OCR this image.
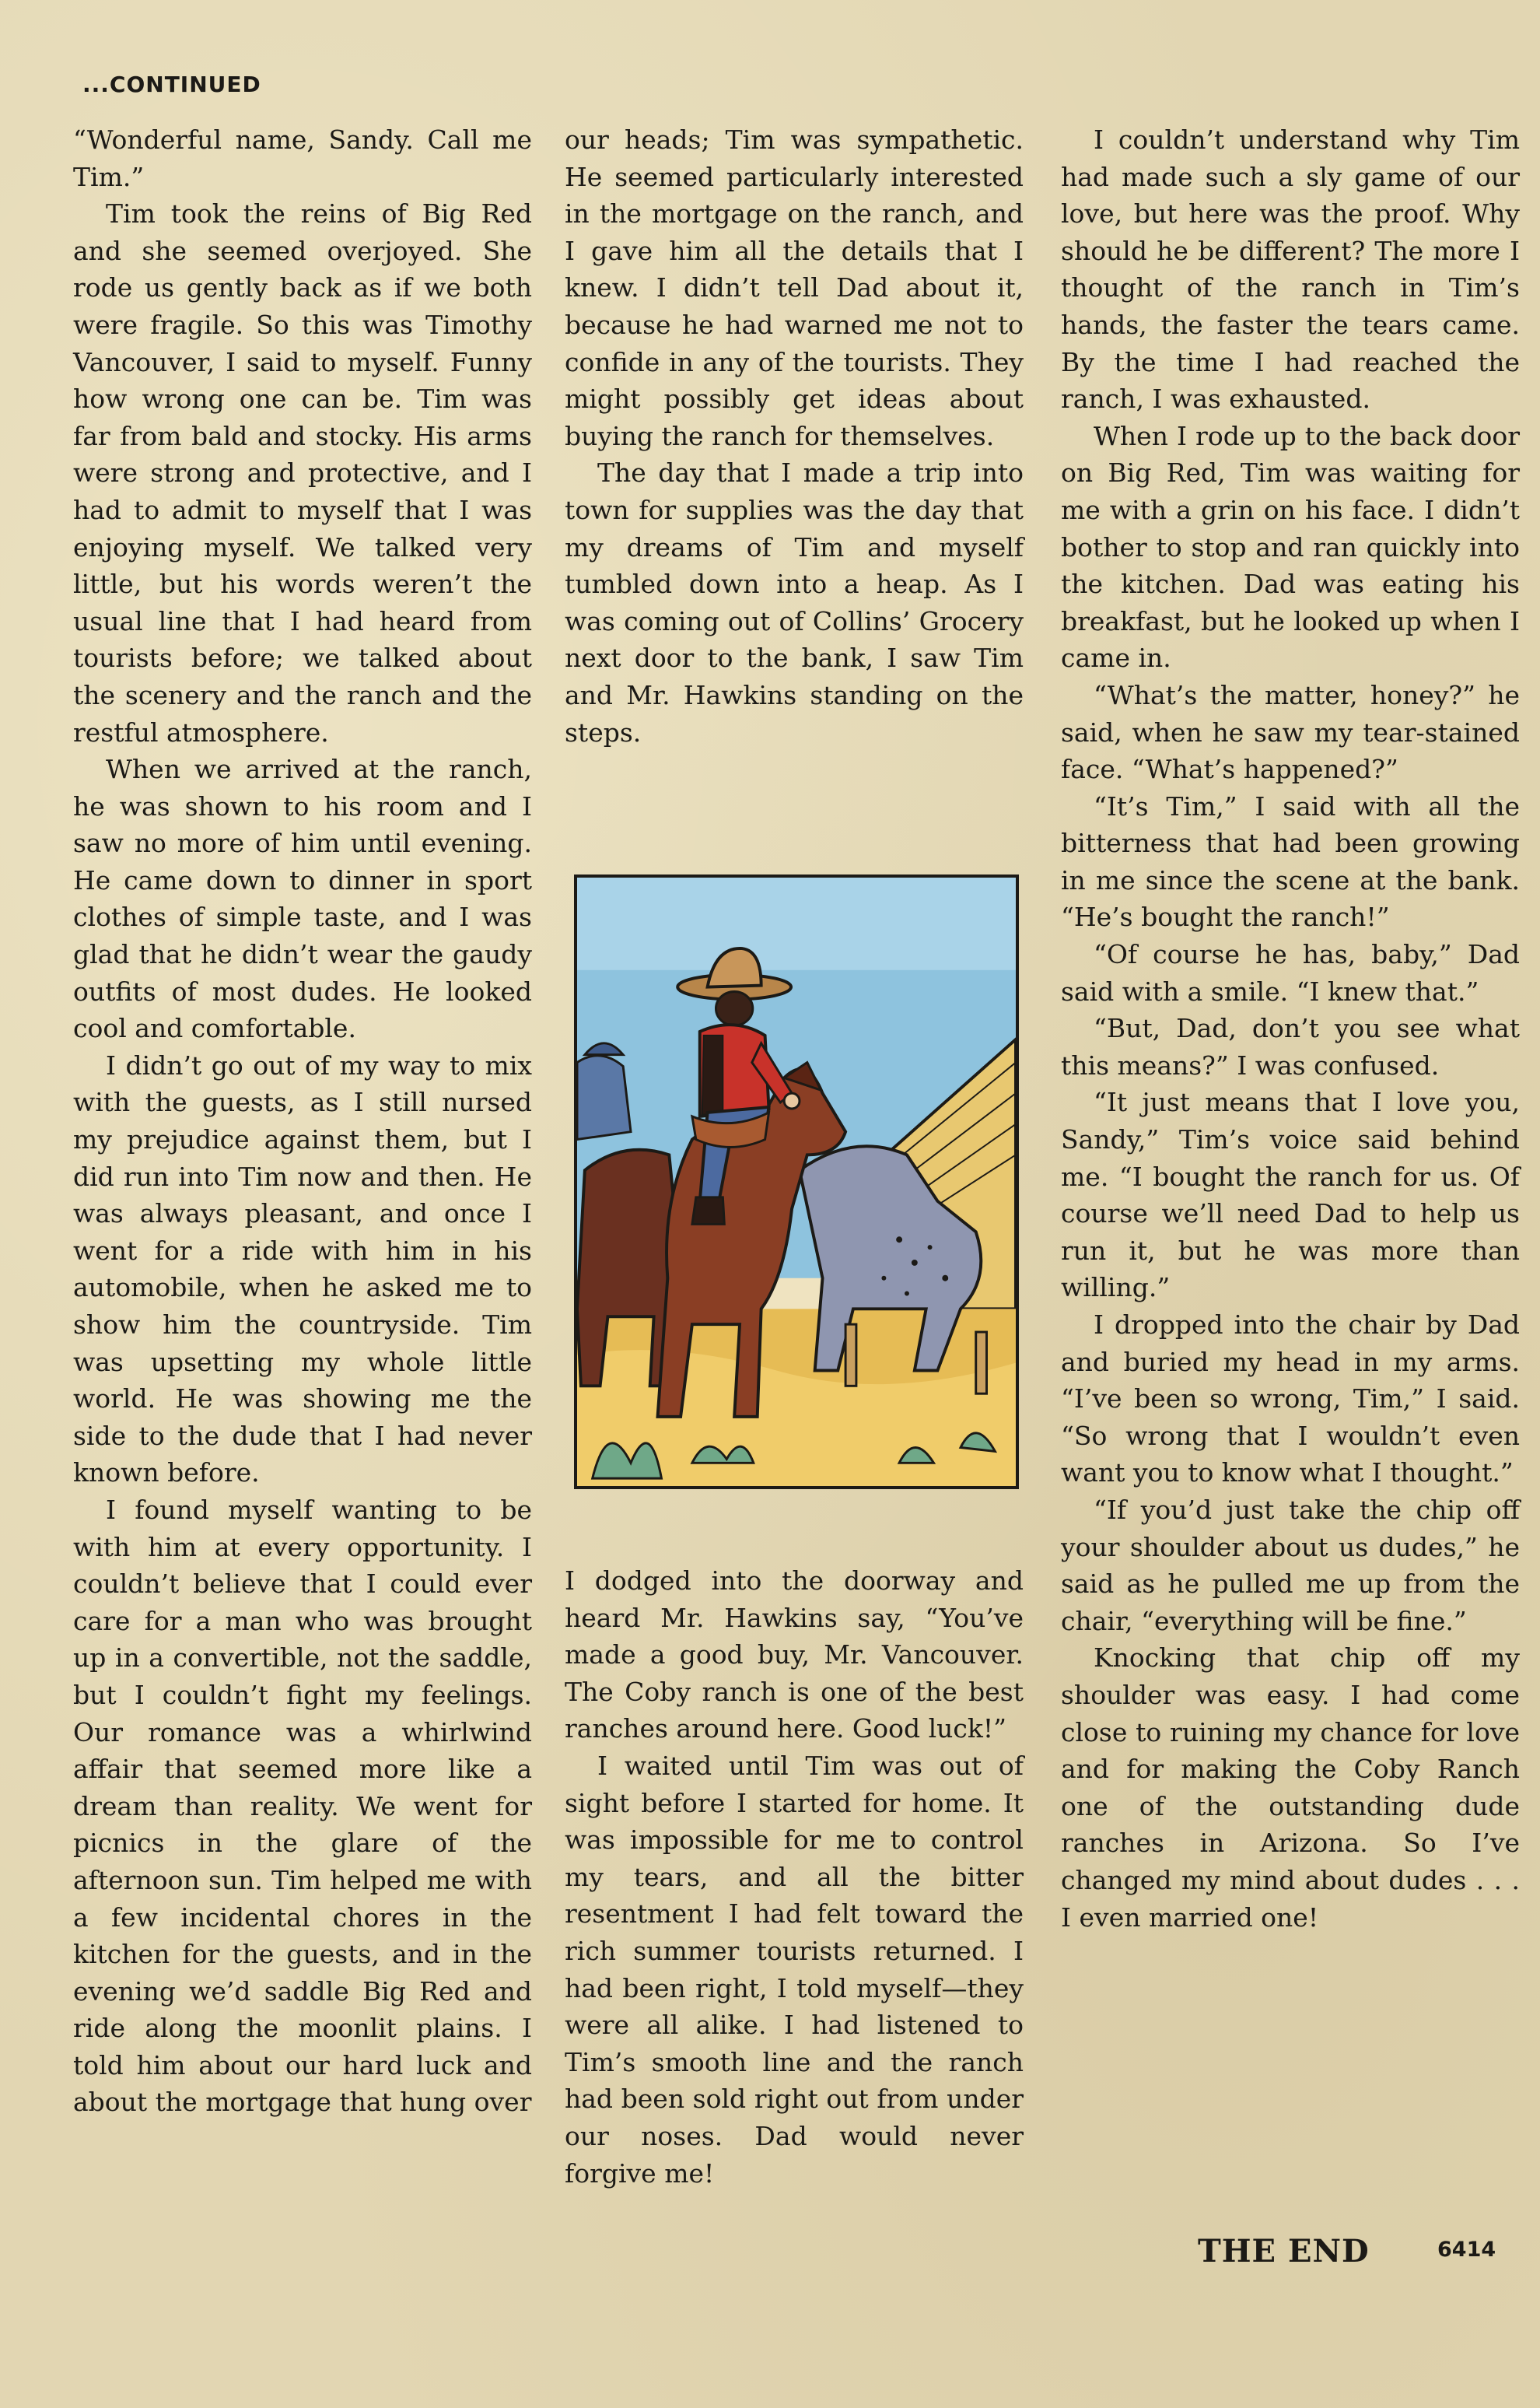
...CONTINUED

“Wonderful name, Sandy. Call me Tim.”

Tim took the reins of Big Red and she seemed overjoyed. She rode us gently back as if we both were fragile. So this was Timothy Vancouver, I said to myself. Funny how wrong one can be. Tim was far from bald and stocky. His arms were strong and protective, and I had to admit to myself that I was enjoying myself. We talked very little, but his words weren’t the usual line that I had heard from tourists before; we talked about the scenery and the ranch and the restful atmosphere.

When we arrived at the ranch, he was shown to his room and I saw no more of him until evening. He came down to dinner in sport clothes of simple taste, and I was glad that he didn’t wear the gaudy outfits of most dudes. He looked cool and comfortable.

I didn’t go out of my way to mix with the guests, as I still nursed my prejudice against them, but I did run into Tim now and then. He was always pleasant, and once I went for a ride with him in his automobile, when he asked me to show him the countryside. Tim was upsetting my whole little world. He was showing me the side to the dude that I had never known before.

I found myself wanting to be with him at every opportunity. I couldn’t believe that I could ever care for a man who was brought up in a convertible, not the saddle, but I couldn’t fight my feelings. Our romance was a whirlwind affair that seemed more like a dream than reality. We went for picnics in the glare of the afternoon sun. Tim helped me with a few incidental chores in the kitchen for the guests, and in the evening we’d saddle Big Red and ride along the moonlit plains. I told him about our hard luck and about the mortgage that hung over

our heads; Tim was sympathetic. He seemed particularly interested in the mortgage on the ranch, and I gave him all the details that I knew. I didn’t tell Dad about it, because he had warned me not to confide in any of the tourists. They might possibly get ideas about buying the ranch for themselves.

The day that I made a trip into town for supplies was the day that my dreams of Tim and myself tumbled down into a heap. As I was coming out of Collins’ Grocery next door to the bank, I saw Tim and Mr. Hawkins standing on the steps.

I dodged into the doorway and heard Mr. Hawkins say, “You’ve made a good buy, Mr. Vancouver. The Coby ranch is one of the best ranches around here. Good luck!”

I waited until Tim was out of sight before I started for home. It was impossible for me to control my tears, and all the bitter resentment I had felt toward the rich summer tourists returned. I had been right, I told myself—they were all alike. I had listened to Tim’s smooth line and the ranch had been sold right out from under our noses. Dad would never forgive me!

I couldn’t understand why Tim had made such a sly game of our love, but here was the proof. Why should he be different? The more I thought of the ranch in Tim’s hands, the faster the tears came. By the time I had reached the ranch, I was exhausted.

When I rode up to the back door on Big Red, Tim was waiting for me with a grin on his face. I didn’t bother to stop and ran quickly into the kitchen. Dad was eating his breakfast, but he looked up when I came in.

“What’s the matter, honey?” he said, when he saw my tear-stained face. “What’s happened?”

“It’s Tim,” I said with all the bitterness that had been growing in me since the scene at the bank. “He’s bought the ranch!”

“Of course he has, baby,” Dad said with a smile. “I knew that.”

“But, Dad, don’t you see what this means?” I was confused.

“It just means that I love you, Sandy,” Tim’s voice said behind me. “I bought the ranch for us. Of course we’ll need Dad to help us run it, but he was more than willing.”

I dropped into the chair by Dad and buried my head in my arms. “I’ve been so wrong, Tim,” I said. “So wrong that I wouldn’t even want you to know what I thought.”

“If you’d just take the chip off your shoulder about us dudes,” he said as he pulled me up from the chair, “everything will be fine.”

Knocking that chip off my shoulder was easy. I had come close to ruining my chance for love and for making the Coby Ranch one of the outstanding dude ranches in Arizona. So I’ve changed my mind about dudes . . . I even married one!

THE END	6414
